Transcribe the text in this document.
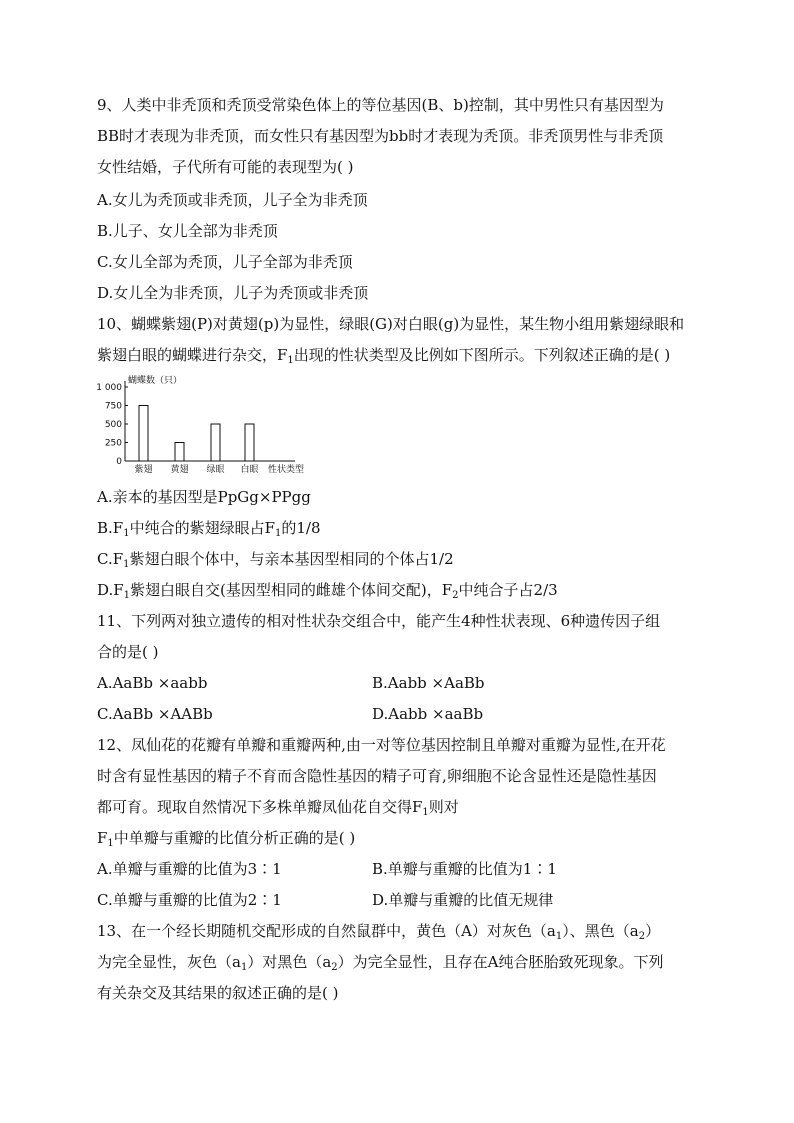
9、人类中非秃顶和秃顶受常染色体上的等位基因(B、b)控制，其中男性只有基因型为
BB时才表现为非秃顶，而女性只有基因型为bb时才表现为秃顶。非秃顶男性与非秃顶
女性结婚，子代所有可能的表现型为( )
A.女儿为秃顶或非秃顶，儿子全为非秃顶
B.儿子、女儿全部为非秃顶
C.女儿全部为秃顶，儿子全部为非秃顶
D.女儿全为非秃顶，儿子为秃顶或非秃顶
10、蝴蝶紫翅(P)对黄翅(p)为显性，绿眼(G)对白眼(g)为显性，某生物小组用紫翅绿眼和
紫翅白眼的蝴蝶进行杂交，$F_1$出现的性状类型及比例如下图所示。下列叙述正确的是( )
0
250
500
750
1 000
蝴蝶数（只）
紫翅 黄翅 绿眼 白眼 性状类型
A.亲本的基因型是PpGg×PPgg
$B.F_1$中纯合的紫翅绿眼占$F_1$的1/8
$C.F_1$紫翅白眼个体中，与亲本基因型相同的个体占1/2
$D.F_1$紫翅白眼自交(基因型相同的雌雄个体间交配)，$F_2$中纯合子占2/3
11、下列两对独立遗传的相对性状杂交组合中，能产生4种性状表现、6种遗传因子组
合的是( )
A.AaBb ×aabb	B.Aabb ×AaBb
C.AaBb ×AABb	D.Aabb ×aaBb
12、凤仙花的花瓣有单瓣和重瓣两种,由一对等位基因控制且单瓣对重瓣为显性,在开花
时含有显性基因的精子不育而含隐性基因的精子可育,卵细胞不论含显性还是隐性基因
都可育。现取自然情况下多株单瓣凤仙花自交得$F_1$则对
$F_1$中单瓣与重瓣的比值分析正确的是( )
A.单瓣与重瓣的比值为3∶1	B.单瓣与重瓣的比值为1∶1
C.单瓣与重瓣的比值为2∶1	D.单瓣与重瓣的比值无规律
13、在一个经长期随机交配形成的自然鼠群中，黄色（A）对灰色$(a_1)$、黑色$(a_2)$
为完全显性，灰色$(a_1)$对黑色$(a_2)$为完全显性，且存在A纯合胚胎致死现象。下列
有关杂交及其结果的叙述正确的是( )
